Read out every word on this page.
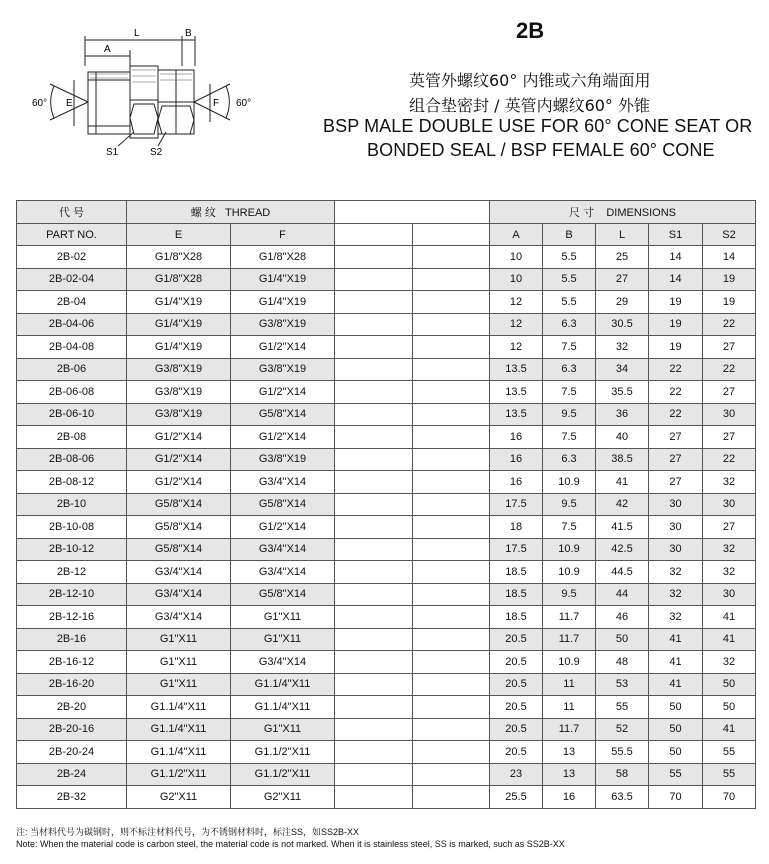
A
L	B
E	F
S1	S2
60°	60°
2B
英管外螺纹60° 内锥或六角端面用
组合垫密封 / 英管内螺纹60° 外锥
BSP MALE DOUBLE USE FOR 60° CONE SEAT OR
BONDED SEAL / BSP FEMALE 60° CONE
代 号	螺 纹 THREAD				尺 寸 DIMENSIONS				
PART NO.	E	F			A	B	L	S1	S2
2B-02	G1/8"X28	G1/8"X28			10	5.5	25	14	14
2B-02-04	G1/8"X28	G1/4"X19			10	5.5	27	14	19
2B-04	G1/4"X19	G1/4"X19			12	5.5	29	19	19
2B-04-06	G1/4"X19	G3/8"X19			12	6.3	30.5	19	22
2B-04-08	G1/4"X19	G1/2"X14			12	7.5	32	19	27
2B-06	G3/8"X19	G3/8"X19			13.5	6.3	34	22	22
2B-06-08	G3/8"X19	G1/2"X14			13.5	7.5	35.5	22	27
2B-06-10	G3/8"X19	G5/8"X14			13.5	9.5	36	22	30
2B-08	G1/2"X14	G1/2"X14			16	7.5	40	27	27
2B-08-06	G1/2"X14	G3/8"X19			16	6.3	38.5	27	22
2B-08-12	G1/2"X14	G3/4"X14			16	10.9	41	27	32
2B-10	G5/8"X14	G5/8"X14			17.5	9.5	42	30	30
2B-10-08	G5/8"X14	G1/2"X14			18	7.5	41.5	30	27
2B-10-12	G5/8"X14	G3/4"X14			17.5	10.9	42.5	30	32
2B-12	G3/4"X14	G3/4"X14			18.5	10.9	44.5	32	32
2B-12-10	G3/4"X14	G5/8"X14			18.5	9.5	44	32	30
2B-12-16	G3/4"X14	G1"X11			18.5	11.7	46	32	41
2B-16	G1"X11	G1"X11			20.5	11.7	50	41	41
2B-16-12	G1"X11	G3/4"X14			20.5	10.9	48	41	32
2B-16-20	G1"X11	G1.1/4"X11			20.5	11	53	41	50
2B-20	G1.1/4"X11	G1.1/4"X11			20.5	11	55	50	50
2B-20-16	G1.1/4"X11	G1"X11			20.5	11.7	52	50	41
2B-20-24	G1.1/4"X11	G1.1/2"X11			20.5	13	55.5	50	55
2B-24	G1.1/2"X11	G1.1/2"X11			23	13	58	55	55
2B-32	G2"X11	G2"X11			25.5	16	63.5	70	70
注: 当材料代号为碳钢时，则不标注材料代号，为不锈钢材料时，标注SS，如SS2B-XX
Note: When the material code is carbon steel, the material code is not marked. When it is stainless steel, SS is marked, such as SS2B-XX
